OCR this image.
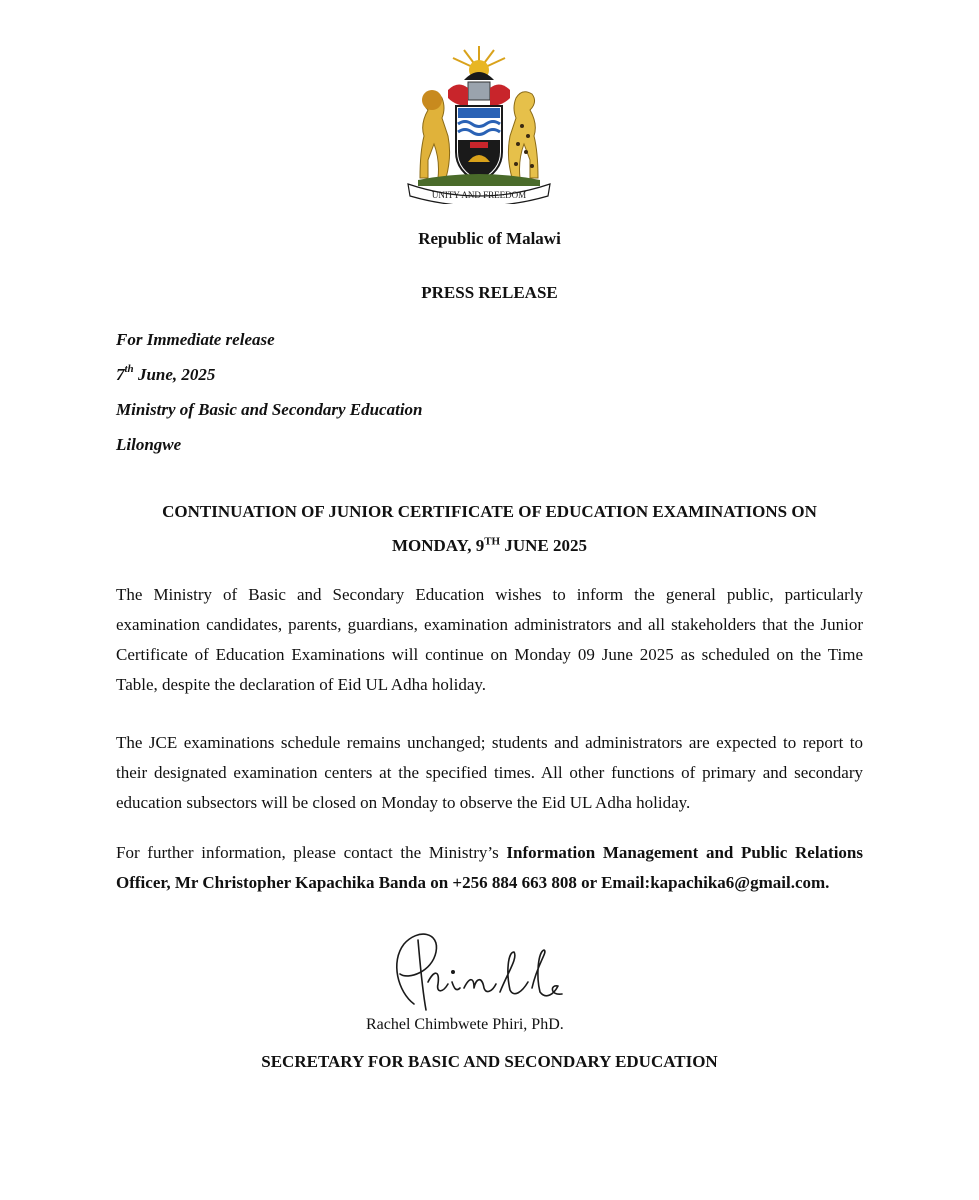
UNITY AND FREEDOM
Republic of Malawi
PRESS RELEASE
For Immediate release
7th June, 2025
Ministry of Basic and Secondary Education
Lilongwe
CONTINUATION OF JUNIOR CERTIFICATE OF EDUCATION EXAMINATIONS ON
MONDAY, 9TH JUNE 2025
The Ministry of Basic and Secondary Education wishes to inform the general public, particularly examination candidates, parents, guardians, examination administrators and all stakeholders that the Junior Certificate of Education Examinations will continue on Monday 09 June 2025 as scheduled on the Time Table, despite the declaration of Eid UL Adha holiday.
The JCE examinations schedule remains unchanged; students and administrators are expected to report to their designated examination centers at the specified times. All other functions of primary and secondary education subsectors will be closed on Monday to observe the Eid UL Adha holiday.
For further information, please contact the Ministry’s Information Management and Public Relations Officer, Mr Christopher Kapachika Banda on +256 884 663 808 or Email:kapachika6@gmail.com.
Rachel Chimbwete Phiri, PhD.
SECRETARY FOR BASIC AND SECONDARY EDUCATION
